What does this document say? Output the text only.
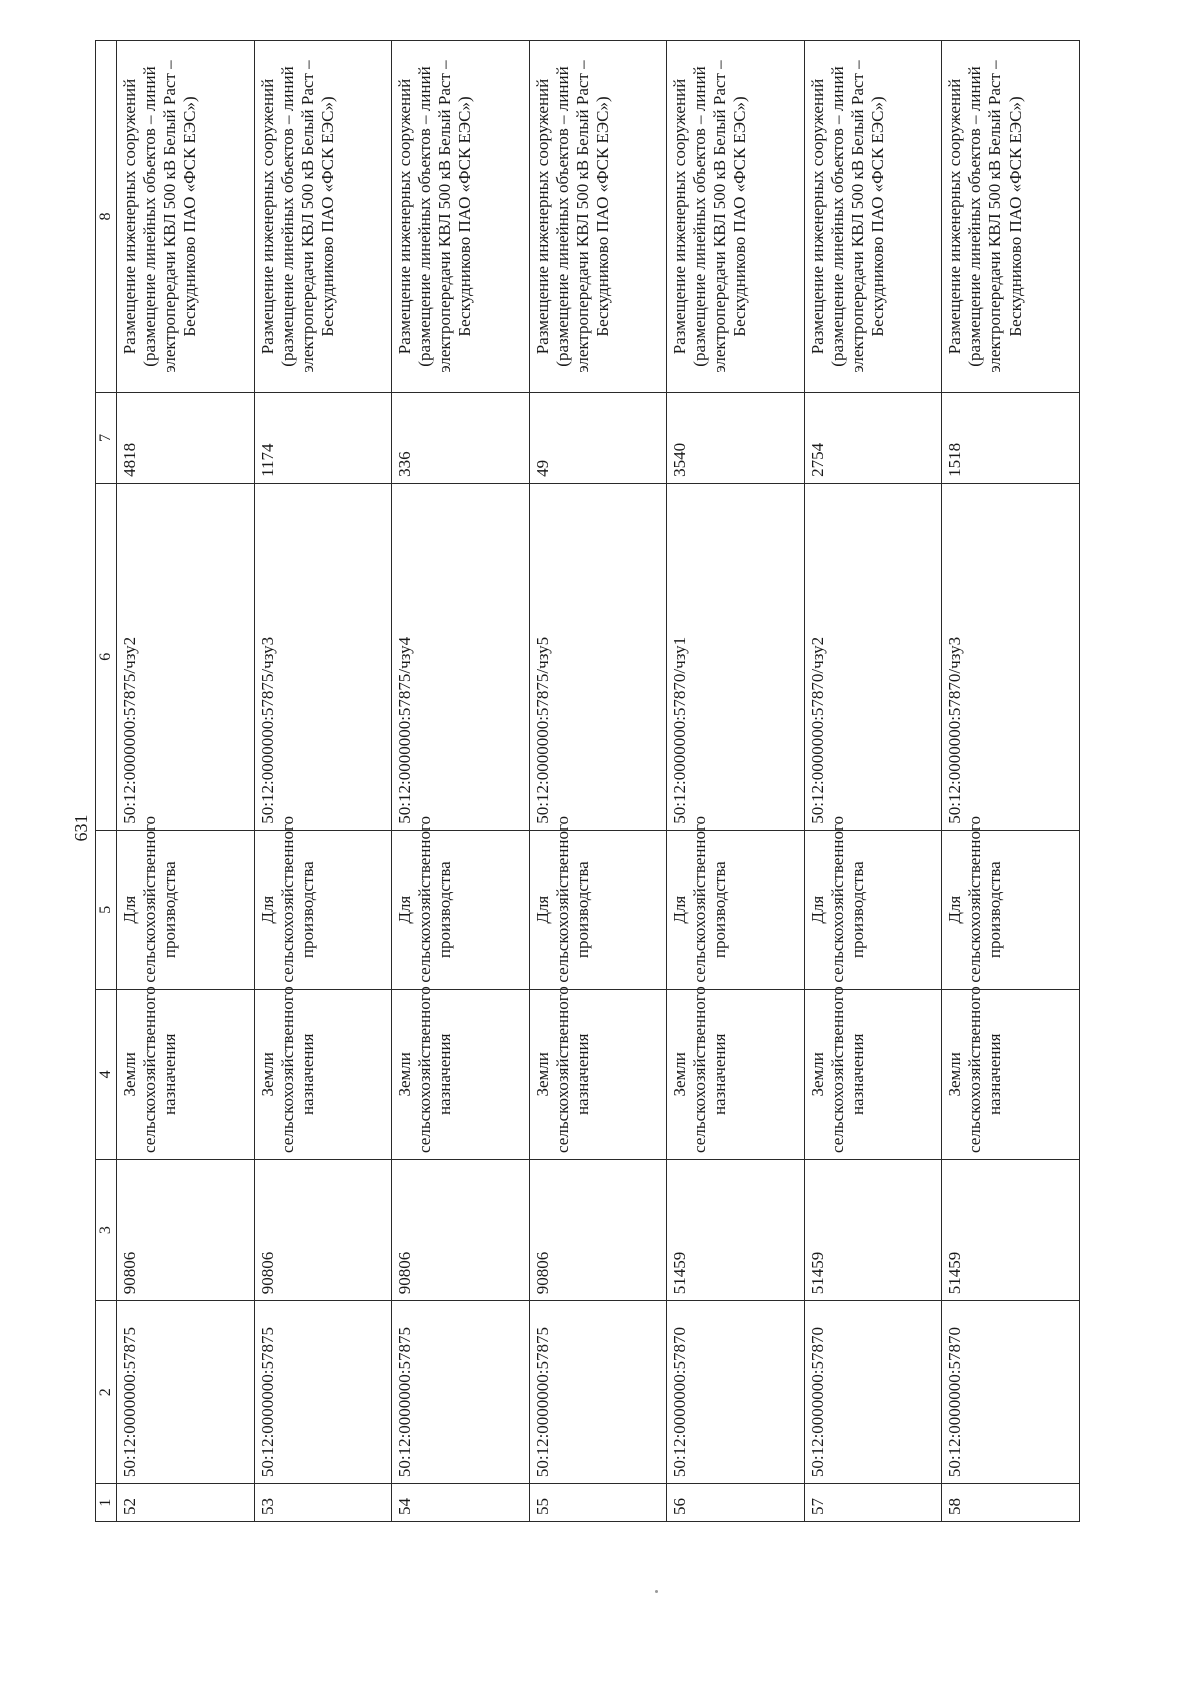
631
1	2	3	4	5	6	7	8
52	50:12:0000000:57875	90806	Земли сельскохозяйственного назначения	Для сельскохозяйственного производства	50:12:0000000:57875/чзу2	4818	Размещение инженерных сооружений (размещение линейных объектов – линий электропередачи КВЛ 500 кВ Белый Раст – Бескудниково ПАО «ФСК ЕЭС»)
53	50:12:0000000:57875	90806	Земли сельскохозяйственного назначения	Для сельскохозяйственного производства	50:12:0000000:57875/чзу3	1174	Размещение инженерных сооружений (размещение линейных объектов – линий электропередачи КВЛ 500 кВ Белый Раст – Бескудниково ПАО «ФСК ЕЭС»)
54	50:12:0000000:57875	90806	Земли сельскохозяйственного назначения	Для сельскохозяйственного производства	50:12:0000000:57875/чзу4	336	Размещение инженерных сооружений (размещение линейных объектов – линий электропередачи КВЛ 500 кВ Белый Раст – Бескудниково ПАО «ФСК ЕЭС»)
55	50:12:0000000:57875	90806	Земли сельскохозяйственного назначения	Для сельскохозяйственного производства	50:12:0000000:57875/чзу5	49	Размещение инженерных сооружений (размещение линейных объектов – линий электропередачи КВЛ 500 кВ Белый Раст – Бескудниково ПАО «ФСК ЕЭС»)
56	50:12:0000000:57870	51459	Земли сельскохозяйственного назначения	Для сельскохозяйственного производства	50:12:0000000:57870/чзу1	3540	Размещение инженерных сооружений (размещение линейных объектов – линий электропередачи КВЛ 500 кВ Белый Раст – Бескудниково ПАО «ФСК ЕЭС»)
57	50:12:0000000:57870	51459	Земли сельскохозяйственного назначения	Для сельскохозяйственного производства	50:12:0000000:57870/чзу2	2754	Размещение инженерных сооружений (размещение линейных объектов – линий электропередачи КВЛ 500 кВ Белый Раст – Бескудниково ПАО «ФСК ЕЭС»)
58	50:12:0000000:57870	51459	Земли сельскохозяйственного назначения	Для сельскохозяйственного производства	50:12:0000000:57870/чзу3	1518	Размещение инженерных сооружений (размещение линейных объектов – линий электропередачи КВЛ 500 кВ Белый Раст – Бескудниково ПАО «ФСК ЕЭС»)
